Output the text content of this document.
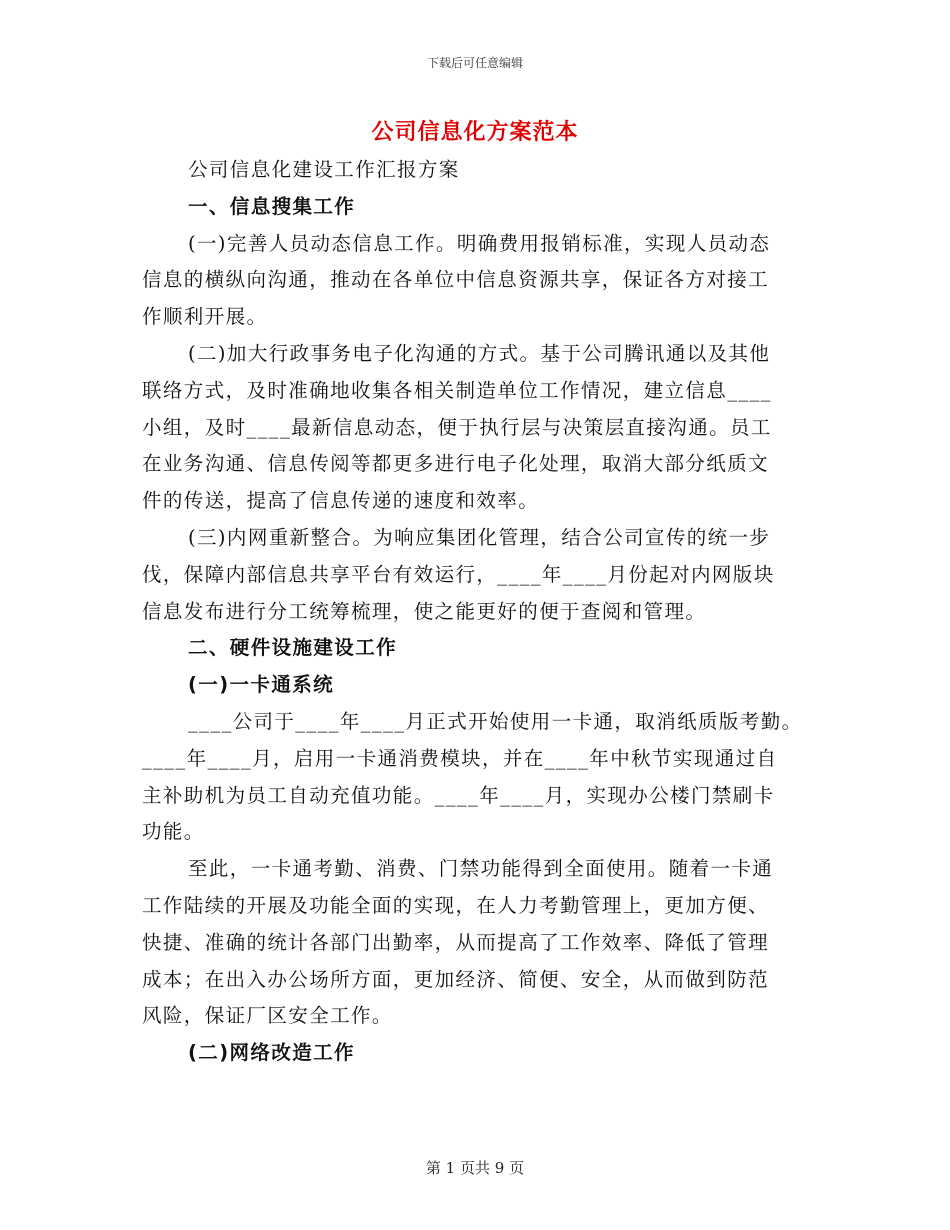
下载后可任意编辑
公司信息化方案范本
公司信息化建设工作汇报方案
一、信息搜集工作
(一)完善人员动态信息工作。明确费用报销标准，实现人员动态
信息的横纵向沟通，推动在各单位中信息资源共享，保证各方对接工
作顺利开展。
(二)加大行政事务电子化沟通的方式。基于公司腾讯通以及其他
联络方式，及时准确地收集各相关制造单位工作情况，建立信息____
小组，及时____最新信息动态，便于执行层与决策层直接沟通。员工
在业务沟通、信息传阅等都更多进行电子化处理，取消大部分纸质文
件的传送，提高了信息传递的速度和效率。
(三)内网重新整合。为响应集团化管理，结合公司宣传的统一步
伐，保障内部信息共享平台有效运行，____年____月份起对内网版块
信息发布进行分工统筹梳理，使之能更好的便于查阅和管理。
二、硬件设施建设工作
(一)一卡通系统
____公司于____年____月正式开始使用一卡通，取消纸质版考勤。
____年____月，启用一卡通消费模块，并在____年中秋节实现通过自
主补助机为员工自动充值功能。____年____月，实现办公楼门禁刷卡
功能。
至此，一卡通考勤、消费、门禁功能得到全面使用。随着一卡通
工作陆续的开展及功能全面的实现，在人力考勤管理上，更加方便、
快捷、准确的统计各部门出勤率，从而提高了工作效率、降低了管理
成本；在出入办公场所方面，更加经济、简便、安全，从而做到防范
风险，保证厂区安全工作。
(二)网络改造工作
第 1 页共 9 页
